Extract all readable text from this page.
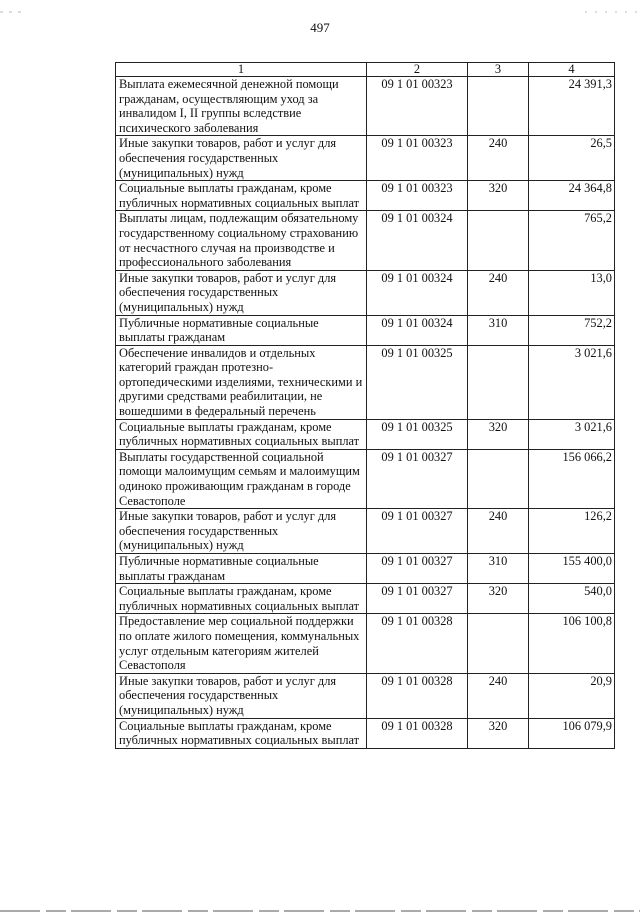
497
1	2	3	4
Выплата ежемесячной денежной помощи гражданам, осуществляющим уход за инвалидом I, II группы вследствие психического заболевания	09 1 01 00323		24 391,3
Иные закупки товаров, работ и услуг для обеспечения государственных (муниципальных) нужд	09 1 01 00323	240	26,5
Социальные выплаты гражданам, кроме публичных нормативных социальных выплат	09 1 01 00323	320	24 364,8
Выплаты лицам, подлежащим обязательному государственному социальному страхованию от несчастного случая на производстве и профессионального заболевания	09 1 01 00324		765,2
Иные закупки товаров, работ и услуг для обеспечения государственных (муниципальных) нужд	09 1 01 00324	240	13,0
Публичные нормативные социальные выплаты гражданам	09 1 01 00324	310	752,2
Обеспечение инвалидов и отдельных категорий граждан протезно-ортопедическими изделиями, техническими и другими средствами реабилитации, не вошедшими в федеральный перечень	09 1 01 00325		3 021,6
Социальные выплаты гражданам, кроме публичных нормативных социальных выплат	09 1 01 00325	320	3 021,6
Выплаты государственной социальной помощи малоимущим семьям и малоимущим одиноко проживающим гражданам в городе Севастополе	09 1 01 00327		156 066,2
Иные закупки товаров, работ и услуг для обеспечения государственных (муниципальных) нужд	09 1 01 00327	240	126,2
Публичные нормативные социальные выплаты гражданам	09 1 01 00327	310	155 400,0
Социальные выплаты гражданам, кроме публичных нормативных социальных выплат	09 1 01 00327	320	540,0
Предоставление мер социальной поддержки по оплате жилого помещения, коммунальных услуг отдельным категориям жителей Севастополя	09 1 01 00328		106 100,8
Иные закупки товаров, работ и услуг для обеспечения государственных (муниципальных) нужд	09 1 01 00328	240	20,9
Социальные выплаты гражданам, кроме публичных нормативных социальных выплат	09 1 01 00328	320	106 079,9
